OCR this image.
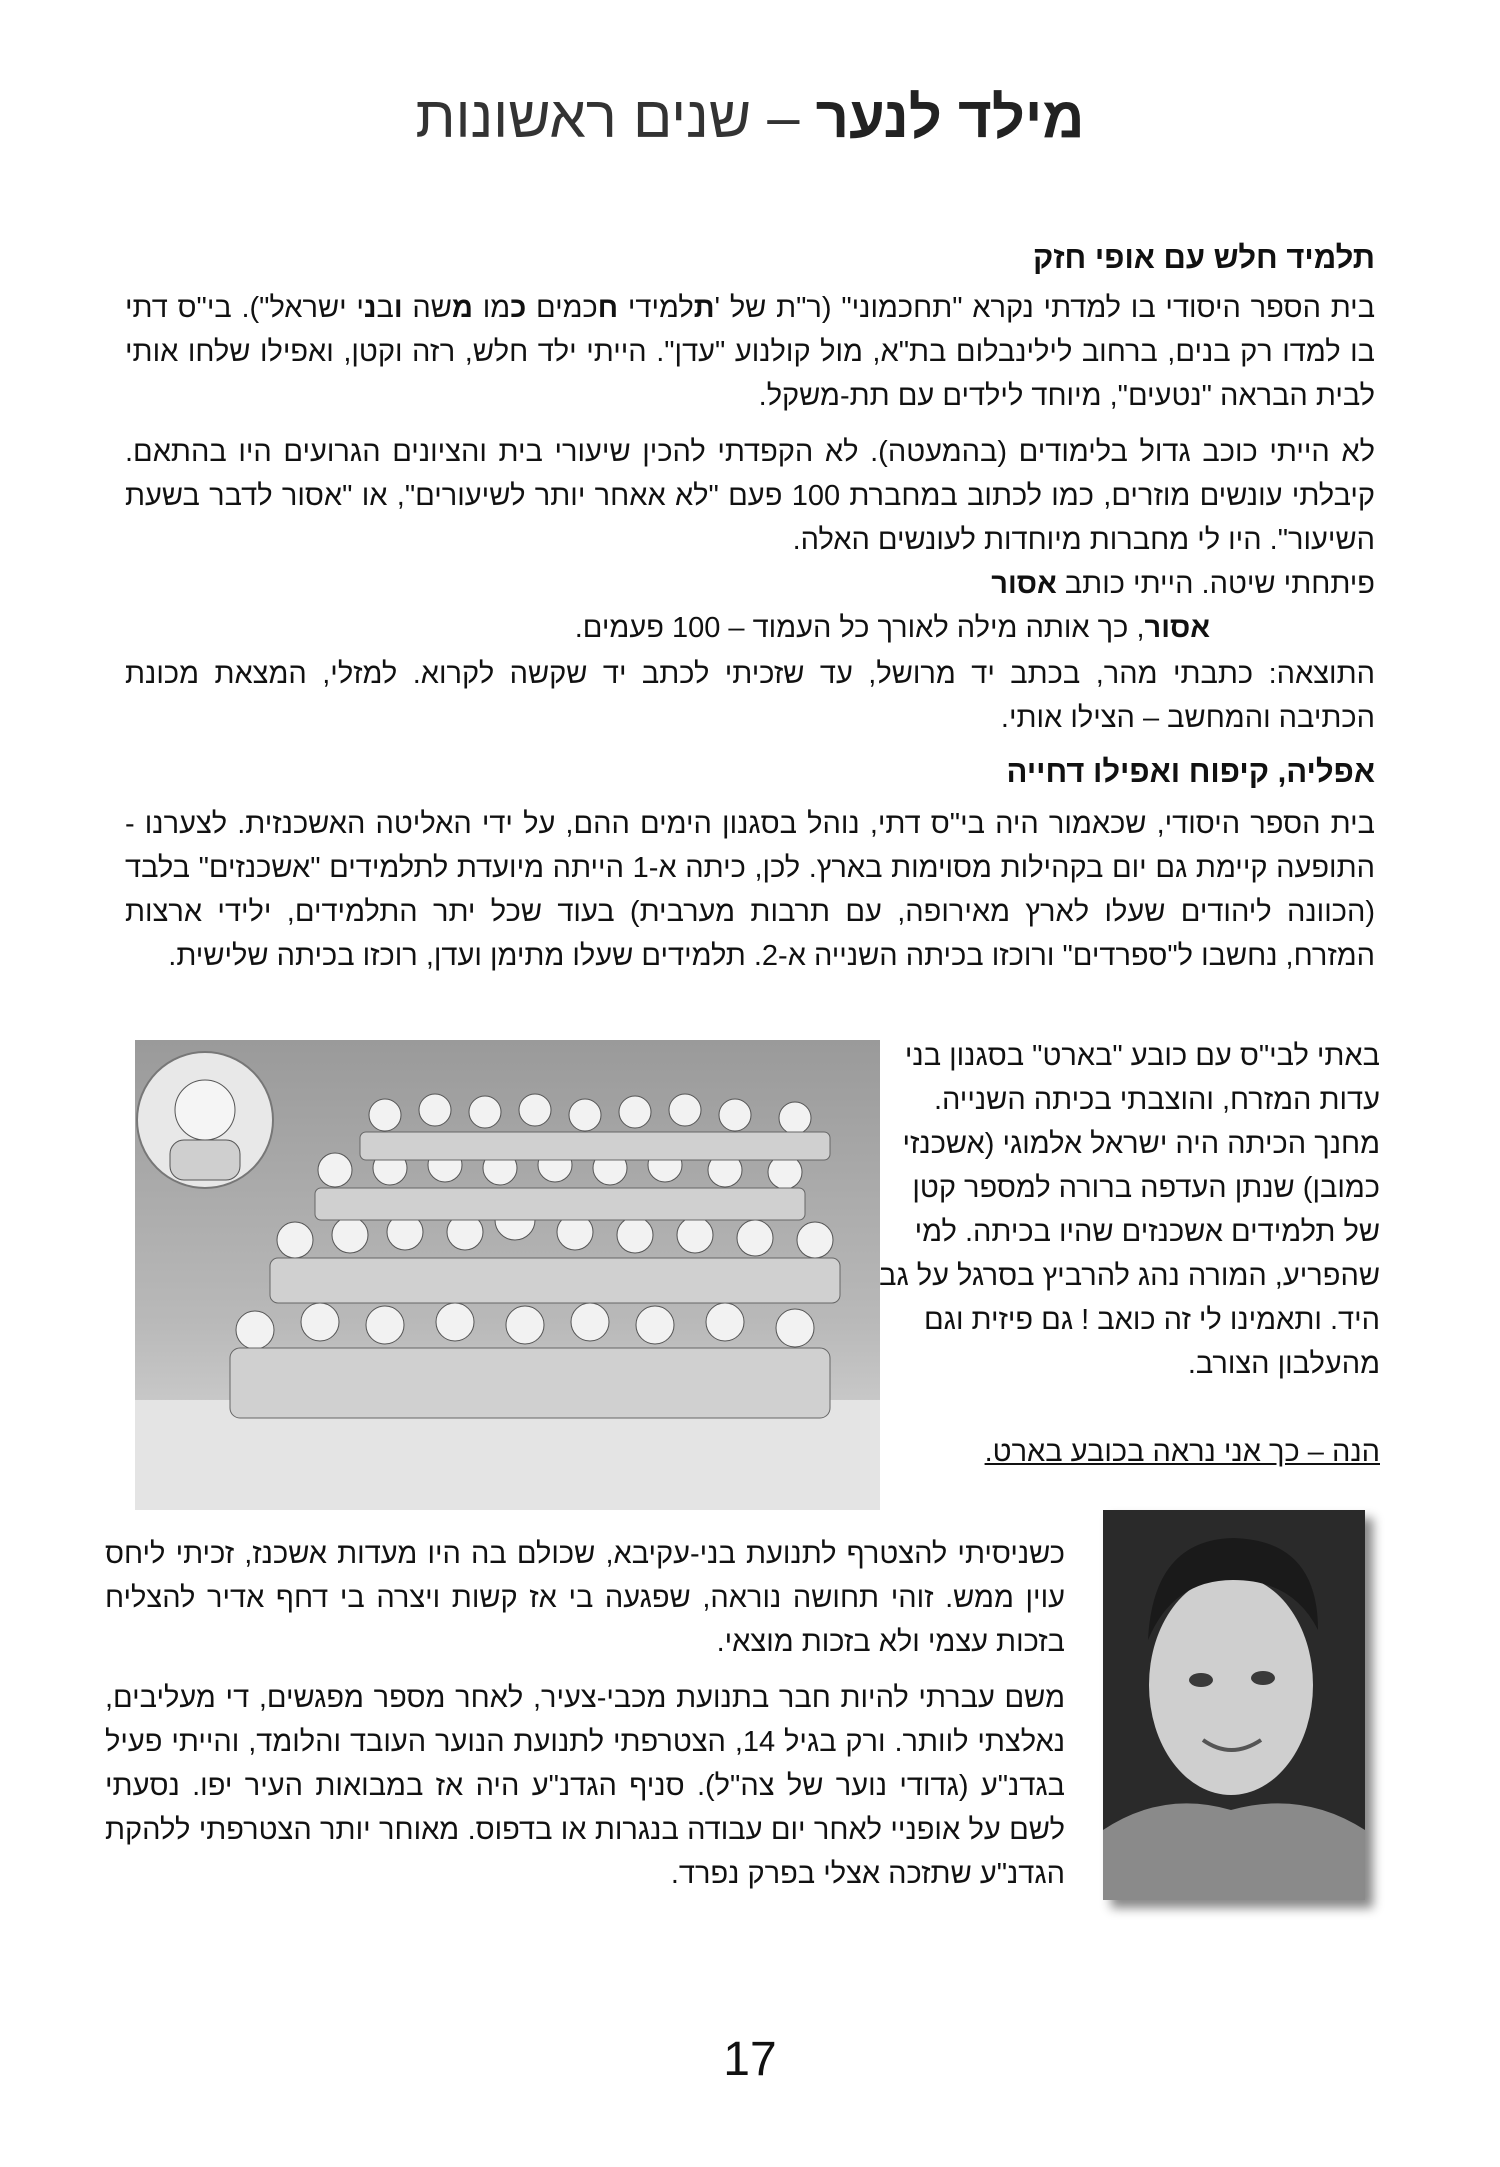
מילד לנער – שנים ראשונות
תלמיד חלש עם אופי חזק

בית הספר היסודי בו למדתי נקרא "תחכמוני" (ר"ת של 'תלמידי חכמים כמו משה ובני ישראל"). בי"ס דתי בו למדו רק בנים, ברחוב לילינבלום בת"א, מול קולנוע "עדן". הייתי ילד חלש, רזה וקטן, ואפילו שלחו אותי לבית הבראה "נטעים", מיוחד לילדים עם תת-משקל.

לא הייתי כוכב גדול בלימודים (בהמעטה). לא הקפדתי להכין שיעורי בית והציונים הגרועים היו בהתאם. קיבלתי עונשים מוזרים, כמו לכתוב במחברת 100 פעם "לא אאחר יותר לשיעורים", או "אסור לדבר בשעת השיעור". היו לי מחברות מיוחדות לעונשים האלה.
פיתחתי שיטה. הייתי כותב אסור
אסור, כך אותה מילה לאורך כל העמוד – 100 פעמים.
התוצאה: כתבתי מהר, בכתב יד מרושל, עד שזכיתי לכתב יד שקשה לקרוא. למזלי, המצאת מכונת הכתיבה והמחשב – הצילו אותי.
אפליה, קיפוח ואפילו דחייה
בית הספר היסודי, שכאמור היה בי"ס דתי, נוהל בסגנון הימים ההם, על ידי האליטה האשכנזית. לצערנו - התופעה קיימת גם יום בקהילות מסוימות בארץ. לכן, כיתה א-1 הייתה מיועדת לתלמידים "אשכנזים" בלבד (הכוונה ליהודים שעלו לארץ מאירופה, עם תרבות מערבית) בעוד שכל יתר התלמידים, ילידי ארצות המזרח, נחשבו ל"ספרדים" ורוכזו בכיתה השנייה א-2. תלמידים שעלו מתימן ועדן, רוכזו בכיתה שלישית.
באתי לבי"ס עם כובע "בארט" בסגנון בני עדות המזרח, והוצבתי בכיתה השנייה. מחנך הכיתה היה ישראל אלמוגי (אשכנזי כמובן) שנתן העדפה ברורה למספר קטן של תלמידים אשכנזים שהיו בכיתה. למי שהפריע, המורה נהג להרביץ בסרגל על גב היד. ותאמינו לי זה כואב ! גם פיזית וגם מהעלבון הצורב.
הנה – כך אני נראה בכובע בארט.
כשניסיתי להצטרף לתנועת בני-עקיבא, שכולם בה היו מעדות אשכנז, זכיתי ליחס עוין ממש. זוהי תחושה נוראה, שפגעה בי אז קשות ויצרה בי דחף אדיר להצליח בזכות עצמי ולא בזכות מוצאי.
משם עברתי להיות חבר בתנועת מכבי-צעיר, לאחר מספר מפגשים, די מעליבים, נאלצתי לוותר. ורק בגיל 14, הצטרפתי לתנועת הנוער העובד והלומד, והייתי פעיל בגדנ"ע (גדודי נוער של צה"ל). סניף הגדנ"ע היה אז במבואות העיר יפו. נסעתי לשם על אופניי לאחר יום עבודה בנגרות או בדפוס. מאוחר יותר הצטרפתי ללהקת הגדנ"ע שתזכה אצלי בפרק נפרד.
17
